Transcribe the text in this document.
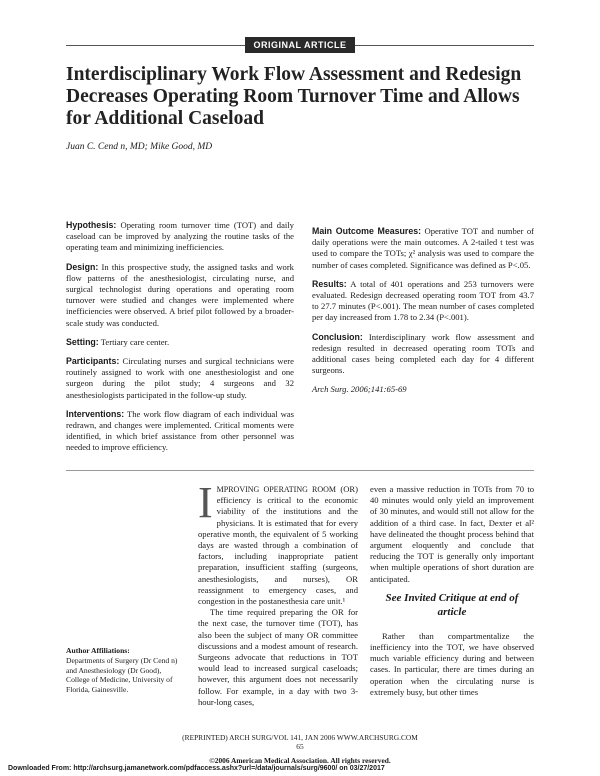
ORIGINAL ARTICLE
Interdisciplinary Work Flow Assessment and Redesign Decreases Operating Room Turnover Time and Allows for Additional Caseload
Juan C. Cend n, MD; Mike Good, MD

Hypothesis: Operating room turnover time (TOT) and daily caseload can be improved by analyzing the routine tasks of the operating team and minimizing inefficiencies.

Design: In this prospective study, the assigned tasks and work flow patterns of the anesthesiologist, circulating nurse, and surgical technologist during operations and operating room turnover were studied and changes were implemented where inefficiencies were observed. A brief pilot followed by a broader-scale study was conducted.

Setting: Tertiary care center.

Participants: Circulating nurses and surgical technicians were routinely assigned to work with one anesthesiologist and one surgeon during the pilot study; 4 surgeons and 32 anesthesiologists participated in the follow-up study.

Interventions: The work flow diagram of each individual was redrawn, and changes were implemented. Critical moments were identified, in which brief assistance from other personnel was needed to improve efficiency.

Main Outcome Measures: Operative TOT and number of daily operations were the main outcomes. A 2-tailed t test was used to compare the TOTs; χ² analysis was used to compare the number of cases completed. Significance was defined as P<.05.

Results: A total of 401 operations and 253 turnovers were evaluated. Redesign decreased operating room TOT from 43.7 to 27.7 minutes (P<.001). The mean number of cases completed per day increased from 1.78 to 2.34 (P<.001).

Conclusion: Interdisciplinary work flow assessment and redesign resulted in decreased operating room TOTs and additional cases being completed each day for 4 different surgeons.

Arch Surg. 2006;141:65-69

IMPROVING OPERATING ROOM (OR) efficiency is critical to the economic viability of the institutions and the physicians. It is estimated that for every operative month, the equivalent of 5 working days are wasted through a combination of factors, including inappropriate patient preparation, insufficient staffing (surgeons, anesthesiologists, and nurses), OR reassignment to emergency cases, and congestion in the postanesthesia care unit.¹

The time required preparing the OR for the next case, the turnover time (TOT), has also been the subject of many OR committee discussions and a modest amount of research. Surgeons advocate that reductions in TOT would lead to increased surgical caseloads; however, this argument does not necessarily follow. For example, in a day with two 3-hour-long cases,

even a massive reduction in TOTs from 70 to 40 minutes would only yield an improvement of 30 minutes, and would still not allow for the addition of a third case. In fact, Dexter et al² have delineated the thought process behind that argument eloquently and conclude that reducing the TOT is generally only important when multiple operations of short duration are anticipated.

See Invited Critique at end of article

Rather than compartmentalize the inefficiency into the TOT, we have observed much variable efficiency during and between cases. In particular, there are times during an operation when the circulating nurse is extremely busy, but other times

Author Affiliations:
Departments of Surgery (Dr Cend n) and Anesthesiology (Dr Good), College of Medicine, University of Florida, Gainesville.
(REPRINTED) ARCH SURG/VOL 141, JAN 2006 WWW.ARCHSURG.COM
65
©2006 American Medical Association. All rights reserved.
Downloaded From: http://archsurg.jamanetwork.com/pdfaccess.ashx?url=/data/journals/surg/9600/ on 03/27/2017
